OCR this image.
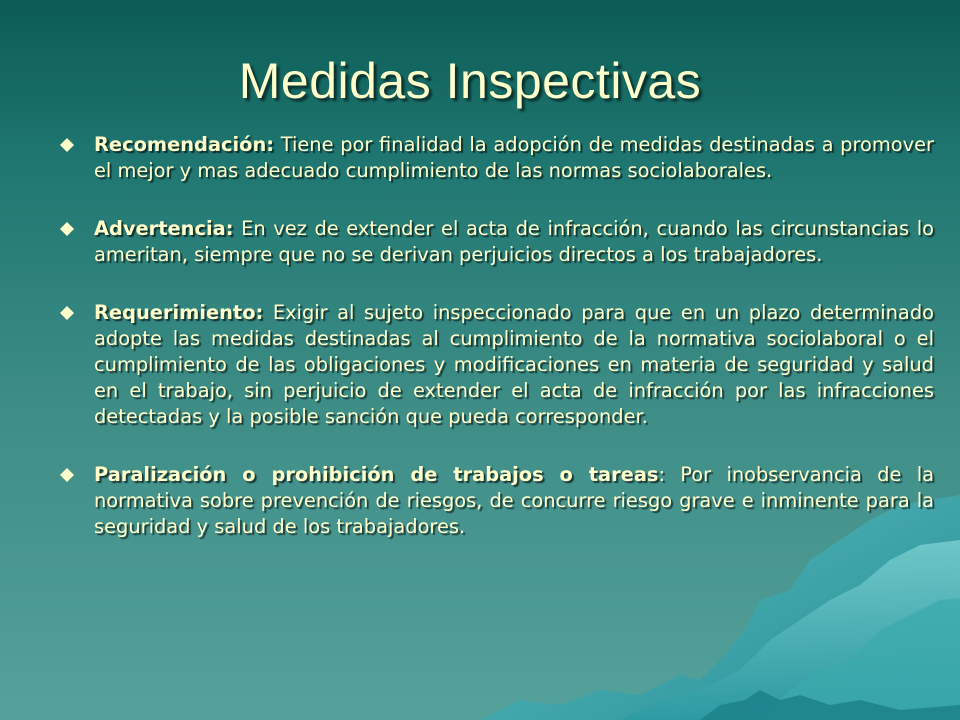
Medidas Inspectivas
Recomendación: Tiene por finalidad la adopción de medidas destinadas a promover el mejor y mas adecuado cumplimiento de las normas sociolaborales.
Advertencia: En vez de extender el acta de infracción, cuando las circunstancias lo ameritan, siempre que no se derivan perjuicios directos a los trabajadores.
Requerimiento: Exigir al sujeto inspeccionado para que en un plazo determinado adopte las medidas destinadas al cumplimiento de la normativa sociolaboral o el cumplimiento de las obligaciones y modificaciones en materia de seguridad y salud en el trabajo, sin perjuicio de extender el acta de infracción por las infracciones detectadas y la posible sanción que pueda corresponder.
Paralización o prohibición de trabajos o tareas: Por inobservancia de la normativa sobre prevención de riesgos, de concurre riesgo grave e inminente para la seguridad y salud de los trabajadores.
